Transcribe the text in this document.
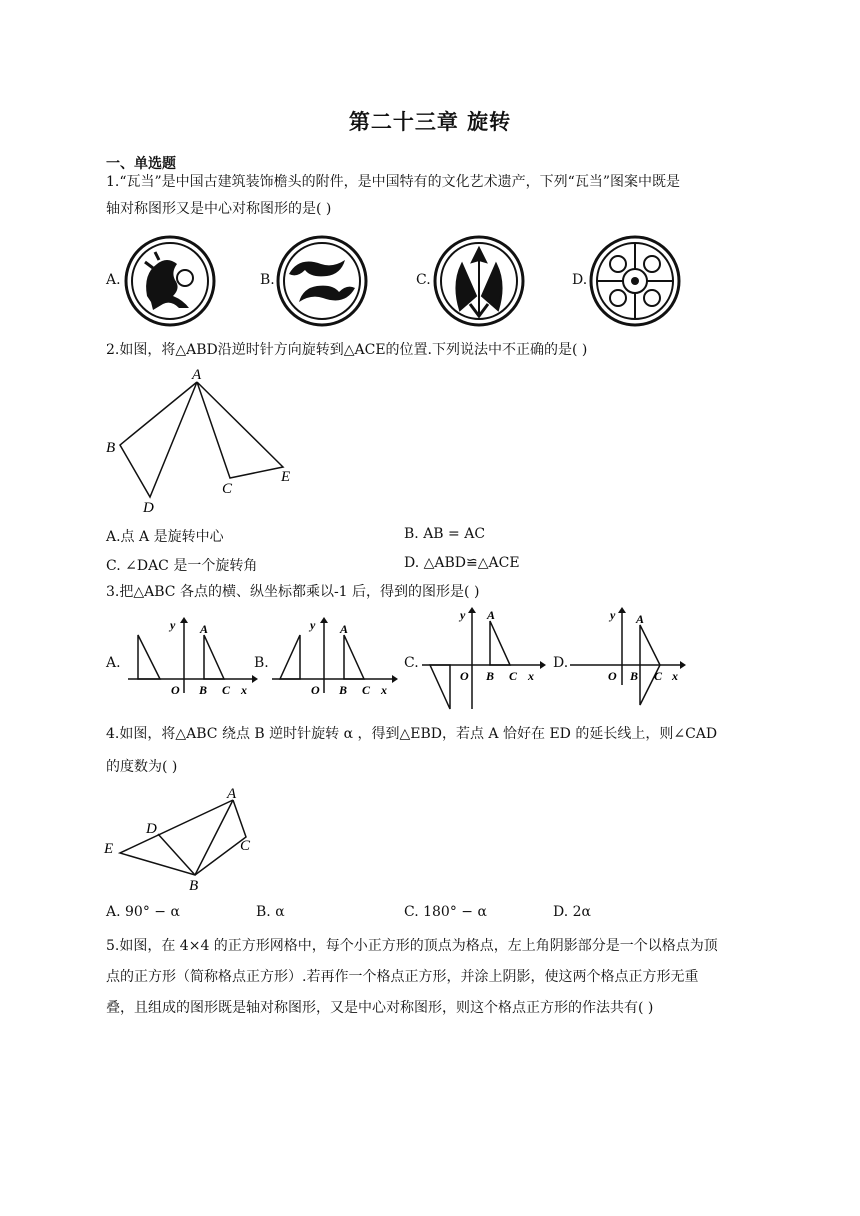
第二十三章 旋转
一、单选题
1.“瓦当”是中国古建筑装饰檐头的附件，是中国特有的文化艺术遗产，下列“瓦当”图案中既是
轴对称图形又是中心对称图形的是( )
A.	B.	C.	D.
2.如图，将△ABD沿逆时针方向旋转到△ACE的位置.下列说法中不正确的是( )
A
B
D
C
E
A.点 A 是旋转中心	B. AB = AC
C. ∠DAC 是一个旋转角	D. △ABD≌△ACE
3.把△ABC 各点的横、纵坐标都乘以-1 后，得到的图形是( )
A.
y A
O B C x
B.
y A
O B C x
C.
y A
O B C x
D.
y A
O B C x
4.如图，将△ABC 绕点 B 逆时针旋转 α ，得到△EBD，若点 A 恰好在 ED 的延长线上，则∠CAD
的度数为( )
A
D
C
E
B
A. 90° − α	B. α	C. 180° − α	D. 2α
5.如图，在 4×4 的正方形网格中，每个小正方形的顶点为格点，左上角阴影部分是一个以格点为顶
点的正方形（简称格点正方形）.若再作一个格点正方形，并涂上阴影，使这两个格点正方形无重
叠，且组成的图形既是轴对称图形，又是中心对称图形，则这个格点正方形的作法共有( )
